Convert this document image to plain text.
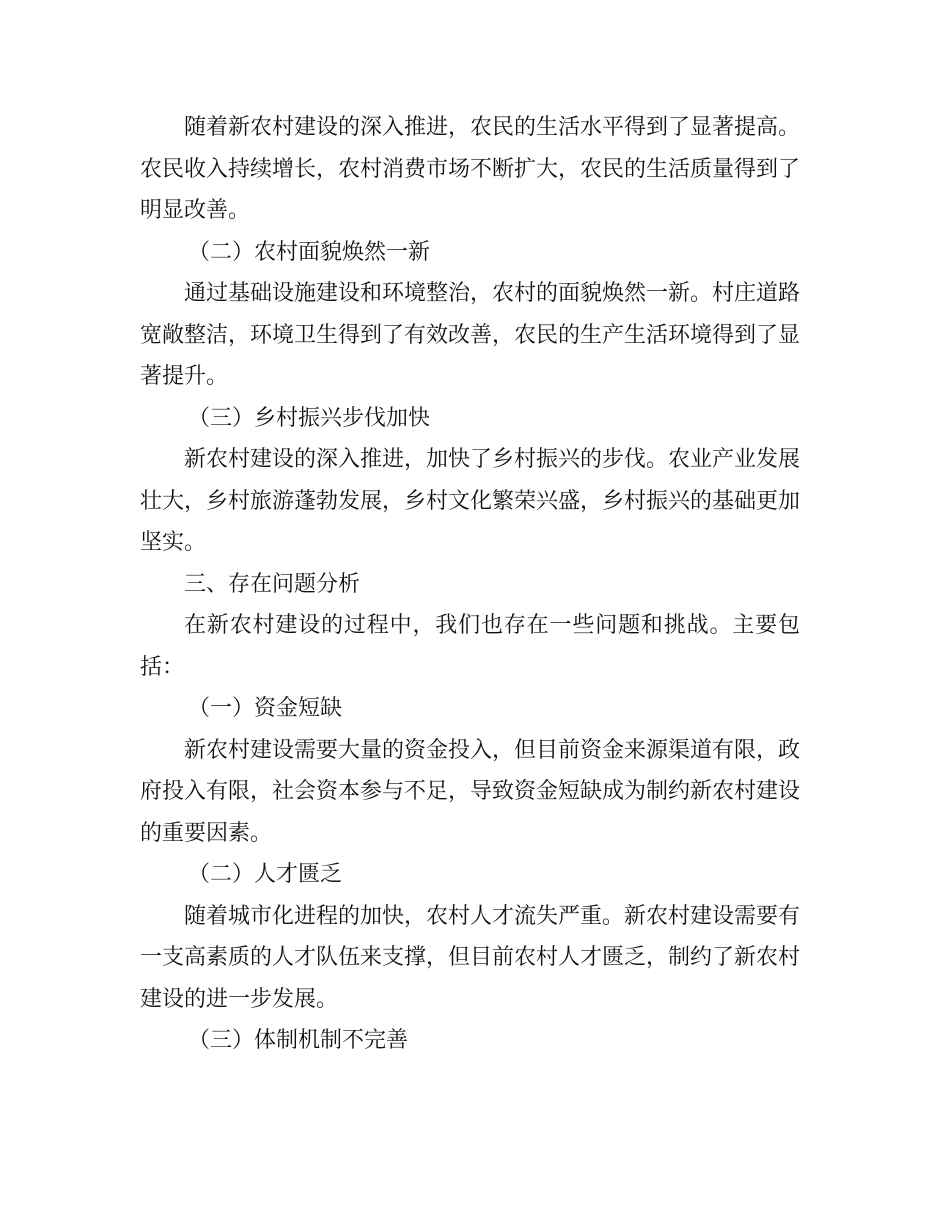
随着新农村建设的深入推进，农民的生活水平得到了显著提高。农民收入持续增长，农村消费市场不断扩大，农民的生活质量得到了明显改善。

（二）农村面貌焕然一新

通过基础设施建设和环境整治，农村的面貌焕然一新。村庄道路宽敞整洁，环境卫生得到了有效改善，农民的生产生活环境得到了显著提升。

（三）乡村振兴步伐加快

新农村建设的深入推进，加快了乡村振兴的步伐。农业产业发展壮大，乡村旅游蓬勃发展，乡村文化繁荣兴盛，乡村振兴的基础更加坚实。

三、存在问题分析

在新农村建设的过程中，我们也存在一些问题和挑战。主要包括：

（一）资金短缺

新农村建设需要大量的资金投入，但目前资金来源渠道有限，政府投入有限，社会资本参与不足，导致资金短缺成为制约新农村建设的重要因素。

（二）人才匮乏

随着城市化进程的加快，农村人才流失严重。新农村建设需要有一支高素质的人才队伍来支撑，但目前农村人才匮乏，制约了新农村建设的进一步发展。

（三）体制机制不完善
